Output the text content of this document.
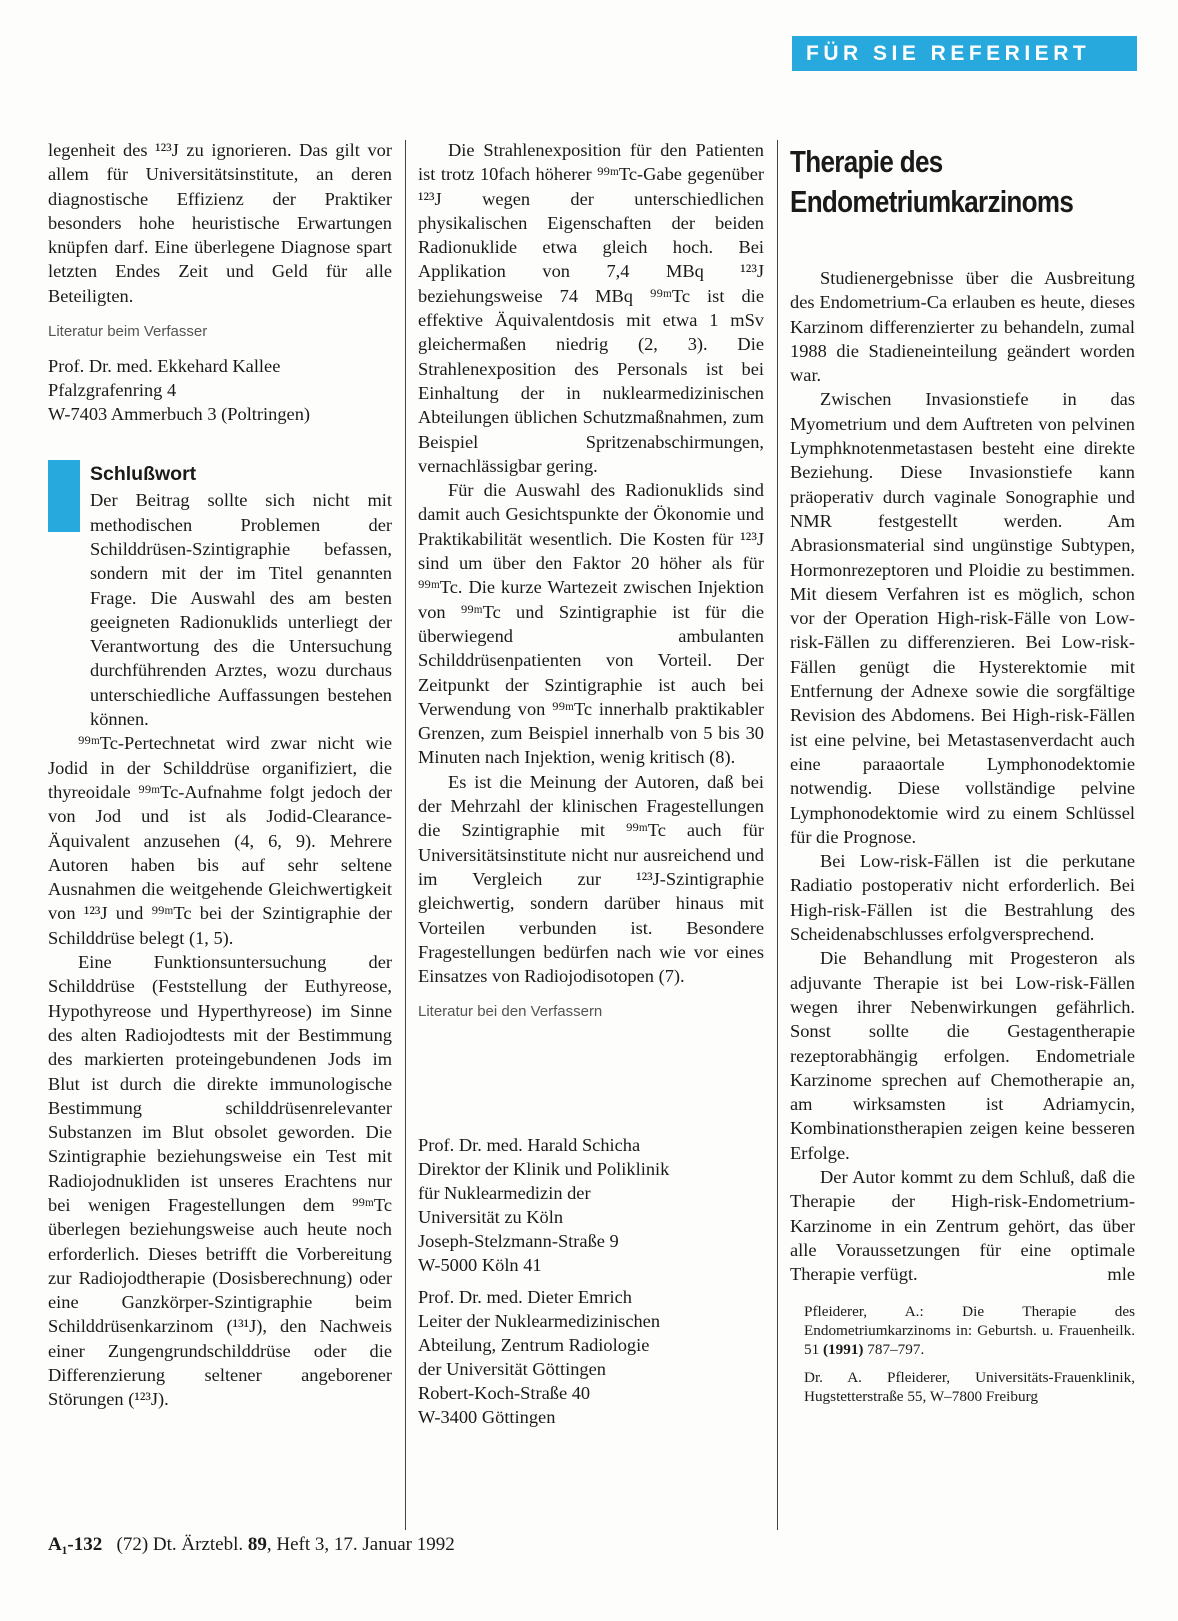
FÜR SIE REFERIERT

legenheit des ¹²³J zu ignorieren. Das gilt vor allem für Universitätsinstitute, an deren diagnostische Effizienz der Praktiker besonders hohe heuristische Erwartungen knüpfen darf. Eine überlegene Diagnose spart letzten Endes Zeit und Geld für alle Beteiligten.

Literatur beim Verfasser
Prof. Dr. med. Ekkehard Kallee
Pfalzgrafenring 4
W-7403 Ammerbuch 3 (Poltringen)
Schlußwort
Der Beitrag sollte sich nicht mit methodischen Problemen der Schilddrüsen-Szintigraphie befassen, sondern mit der im Titel genannten Frage. Die Auswahl des am besten geeigneten Radionuklids unterliegt der Verantwortung des die Untersuchung durchführenden Arztes, wozu durchaus unterschiedliche Auffassungen bestehen können.

⁹⁹ᵐTc-Pertechnetat wird zwar nicht wie Jodid in der Schilddrüse organifiziert, die thyreoidale ⁹⁹ᵐTc-Aufnahme folgt jedoch der von Jod und ist als Jodid-Clearance-Äquivalent anzusehen (4, 6, 9). Mehrere Autoren haben bis auf sehr seltene Ausnahmen die weitgehende Gleichwertigkeit von ¹²³J und ⁹⁹ᵐTc bei der Szintigraphie der Schilddrüse belegt (1, 5).

Eine Funktionsuntersuchung der Schilddrüse (Feststellung der Euthyreose, Hypothyreose und Hyperthyreose) im Sinne des alten Radiojodtests mit der Bestimmung des markierten proteingebundenen Jods im Blut ist durch die direkte immunologische Bestimmung schilddrüsenrelevanter Substanzen im Blut obsolet geworden. Die Szintigraphie beziehungsweise ein Test mit Radiojodnukliden ist unseres Erachtens nur bei wenigen Fragestellungen dem ⁹⁹ᵐTc überlegen beziehungsweise auch heute noch erforderlich. Dieses betrifft die Vorbereitung zur Radiojodtherapie (Dosisberechnung) oder eine Ganzkörper-Szintigraphie beim Schilddrüsenkarzinom (¹³¹J), den Nachweis einer Zungengrundschilddrüse oder die Differenzierung seltener angeborener Störungen (¹²³J).

Die Strahlenexposition für den Patienten ist trotz 10fach höherer ⁹⁹ᵐTc-Gabe gegenüber ¹²³J wegen der unterschiedlichen physikalischen Eigenschaften der beiden Radionuklide etwa gleich hoch. Bei Applikation von 7,4 MBq ¹²³J beziehungsweise 74 MBq ⁹⁹ᵐTc ist die effektive Äquivalentdosis mit etwa 1 mSv gleichermaßen niedrig (2, 3). Die Strahlenexposition des Personals ist bei Einhaltung der in nuklearmedizinischen Abteilungen üblichen Schutzmaßnahmen, zum Beispiel Spritzenabschirmungen, vernachlässigbar gering.

Für die Auswahl des Radionuklids sind damit auch Gesichtspunkte der Ökonomie und Praktikabilität wesentlich. Die Kosten für ¹²³J sind um über den Faktor 20 höher als für ⁹⁹ᵐTc. Die kurze Wartezeit zwischen Injektion von ⁹⁹ᵐTc und Szintigraphie ist für die überwiegend ambulanten Schilddrüsenpatienten von Vorteil. Der Zeitpunkt der Szintigraphie ist auch bei Verwendung von ⁹⁹ᵐTc innerhalb praktikabler Grenzen, zum Beispiel innerhalb von 5 bis 30 Minuten nach Injektion, wenig kritisch (8).

Es ist die Meinung der Autoren, daß bei der Mehrzahl der klinischen Fragestellungen die Szintigraphie mit ⁹⁹ᵐTc auch für Universitätsinstitute nicht nur ausreichend und im Vergleich zur ¹²³J-Szintigraphie gleichwertig, sondern darüber hinaus mit Vorteilen verbunden ist. Besondere Fragestellungen bedürfen nach wie vor eines Einsatzes von Radiojodisotopen (7).

Literatur bei den Verfassern
Prof. Dr. med. Harald Schicha
Direktor der Klinik und Poliklinik
für Nuklearmedizin der
Universität zu Köln
Joseph-Stelzmann-Straße 9
W-5000 Köln 41
Prof. Dr. med. Dieter Emrich
Leiter der Nuklearmedizinischen
Abteilung, Zentrum Radiologie
der Universität Göttingen
Robert-Koch-Straße 40
W-3400 Göttingen
Therapie des
Endometriumkarzinoms

Studienergebnisse über die Ausbreitung des Endometrium-Ca erlauben es heute, dieses Karzinom differenzierter zu behandeln, zumal 1988 die Stadieneinteilung geändert worden war.

Zwischen Invasionstiefe in das Myometrium und dem Auftreten von pelvinen Lymphknotenmetastasen besteht eine direkte Beziehung. Diese Invasionstiefe kann präoperativ durch vaginale Sonographie und NMR festgestellt werden. Am Abrasionsmaterial sind ungünstige Subtypen, Hormonrezeptoren und Ploidie zu bestimmen. Mit diesem Verfahren ist es möglich, schon vor der Operation High-risk-Fälle von Low-risk-Fällen zu differenzieren. Bei Low-risk-Fällen genügt die Hysterektomie mit Entfernung der Adnexe sowie die sorgfältige Revision des Abdomens. Bei High-risk-Fällen ist eine pelvine, bei Metastasenverdacht auch eine paraaortale Lymphonodektomie notwendig. Diese vollständige pelvine Lymphonodektomie wird zu einem Schlüssel für die Prognose.

Bei Low-risk-Fällen ist die perkutane Radiatio postoperativ nicht erforderlich. Bei High-risk-Fällen ist die Bestrahlung des Scheidenabschlusses erfolgversprechend.

Die Behandlung mit Progesteron als adjuvante Therapie ist bei Low-risk-Fällen wegen ihrer Nebenwirkungen gefährlich. Sonst sollte die Gestagentherapie rezeptorabhängig erfolgen. Endometriale Karzinome sprechen auf Chemotherapie an, am wirksamsten ist Adriamycin, Kombinationstherapien zeigen keine besseren Erfolge.

Der Autor kommt zu dem Schluß, daß die Therapie der High-risk-Endometrium-Karzinome in ein Zentrum gehört, das über alle Voraussetzungen für eine optimale Therapie verfügt.	mle

Pfleiderer, A.: Die Therapie des Endometriumkarzinoms in: Geburtsh. u. Frauenheilk. 51 (1991) 787–797.

Dr. A. Pfleiderer, Universitäts-Frauenklinik, Hugstetterstraße 55, W–7800 Freiburg

A₁-132 (72) Dt. Ärztebl. 89, Heft 3, 17. Januar 1992
